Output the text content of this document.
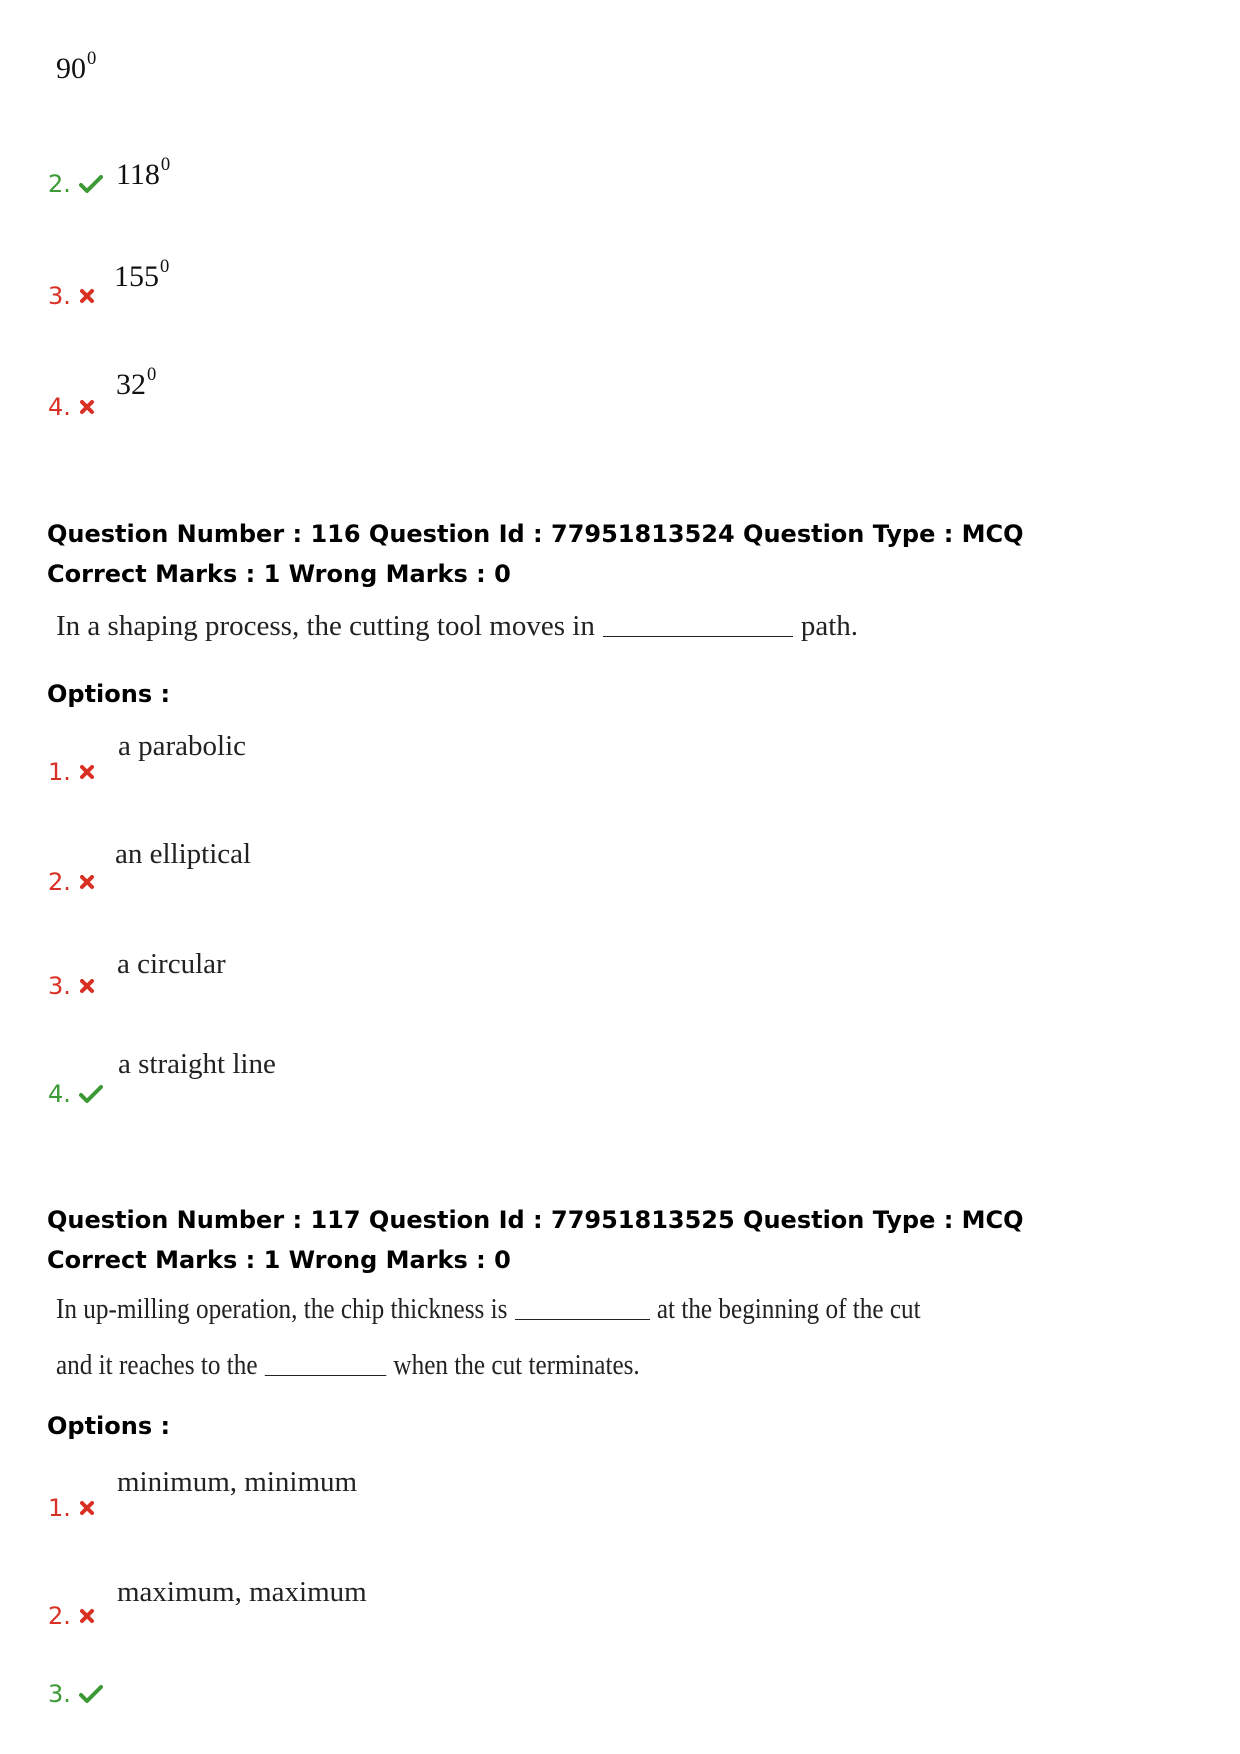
$90^0$
2. $118^0$
3.
$155^0$
4.
$32^0$
Question Number : 116 Question Id : 77951813524 Question Type : MCQ
Correct Marks : 1 Wrong Marks : 0
In a shaping process, the cutting tool moves in	path.
Options :
1.
a parabolic
2.
an elliptical
3.
a circular
4.
a straight line
Question Number : 117 Question Id : 77951813525 Question Type : MCQ
Correct Marks : 1 Wrong Marks : 0
In up-milling operation, the chip thickness is	at the beginning of the cut
and it reaches to the	when the cut terminates.
Options :
1.
minimum, minimum
2.
maximum, maximum
3.
